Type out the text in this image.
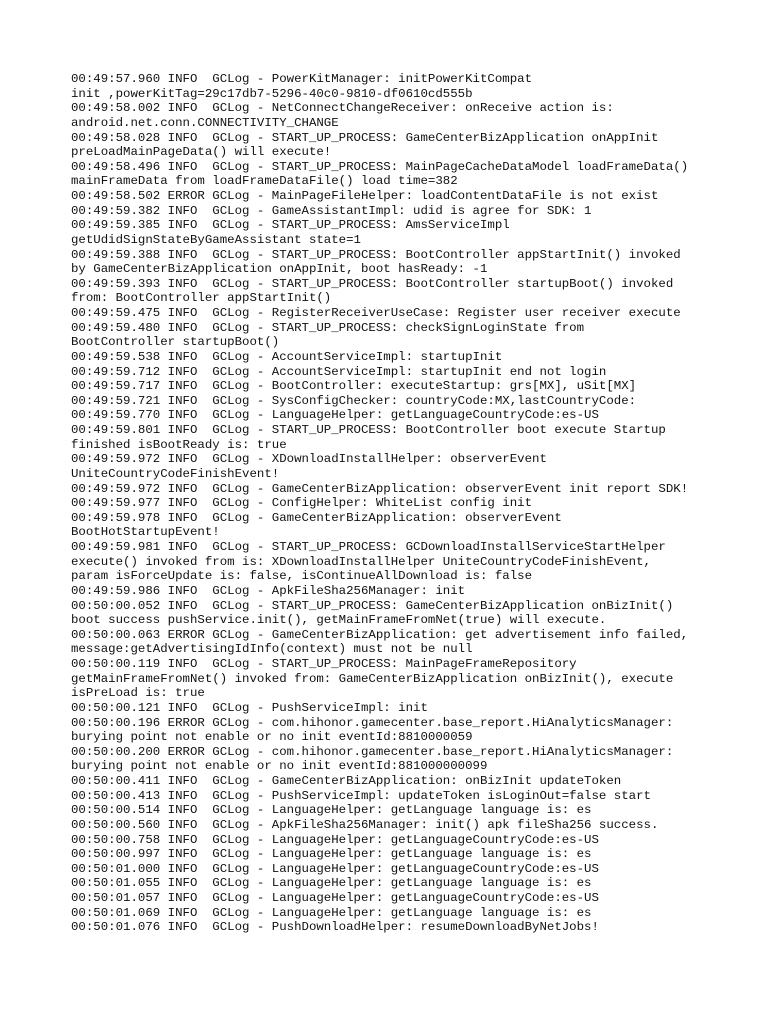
00:49:57.960 INFO  GCLog - PowerKitManager: initPowerKitCompat
init ,powerKitTag=29c17db7-5296-40c0-9810-df0610cd555b
00:49:58.002 INFO  GCLog - NetConnectChangeReceiver: onReceive action is:
android.net.conn.CONNECTIVITY_CHANGE
00:49:58.028 INFO  GCLog - START_UP_PROCESS: GameCenterBizApplication onAppInit
preLoadMainPageData() will execute!
00:49:58.496 INFO  GCLog - START_UP_PROCESS: MainPageCacheDataModel loadFrameData()
mainFrameData from loadFrameDataFile() load time=382
00:49:58.502 ERROR GCLog - MainPageFileHelper: loadContentDataFile is not exist
00:49:59.382 INFO  GCLog - GameAssistantImpl: udid is agree for SDK: 1
00:49:59.385 INFO  GCLog - START_UP_PROCESS: AmsServiceImpl
getUdidSignStateByGameAssistant state=1
00:49:59.388 INFO  GCLog - START_UP_PROCESS: BootController appStartInit() invoked
by GameCenterBizApplication onAppInit, boot hasReady: -1
00:49:59.393 INFO  GCLog - START_UP_PROCESS: BootController startupBoot() invoked
from: BootController appStartInit()
00:49:59.475 INFO  GCLog - RegisterReceiverUseCase: Register user receiver execute
00:49:59.480 INFO  GCLog - START_UP_PROCESS: checkSignLoginState from
BootController startupBoot()
00:49:59.538 INFO  GCLog - AccountServiceImpl: startupInit
00:49:59.712 INFO  GCLog - AccountServiceImpl: startupInit end not login
00:49:59.717 INFO  GCLog - BootController: executeStartup: grs[MX], uSit[MX]
00:49:59.721 INFO  GCLog - SysConfigChecker: countryCode:MX,lastCountryCode:
00:49:59.770 INFO  GCLog - LanguageHelper: getLanguageCountryCode:es-US
00:49:59.801 INFO  GCLog - START_UP_PROCESS: BootController boot execute Startup
finished isBootReady is: true
00:49:59.972 INFO  GCLog - XDownloadInstallHelper: observerEvent
UniteCountryCodeFinishEvent!
00:49:59.972 INFO  GCLog - GameCenterBizApplication: observerEvent init report SDK!
00:49:59.977 INFO  GCLog - ConfigHelper: WhiteList config init
00:49:59.978 INFO  GCLog - GameCenterBizApplication: observerEvent
BootHotStartupEvent!
00:49:59.981 INFO  GCLog - START_UP_PROCESS: GCDownloadInstallServiceStartHelper
execute() invoked from is: XDownloadInstallHelper UniteCountryCodeFinishEvent,
param isForceUpdate is: false, isContinueAllDownload is: false
00:49:59.986 INFO  GCLog - ApkFileSha256Manager: init
00:50:00.052 INFO  GCLog - START_UP_PROCESS: GameCenterBizApplication onBizInit()
boot success pushService.init(), getMainFrameFromNet(true) will execute.
00:50:00.063 ERROR GCLog - GameCenterBizApplication: get advertisement info failed,
message:getAdvertisingIdInfo(context) must not be null
00:50:00.119 INFO  GCLog - START_UP_PROCESS: MainPageFrameRepository
getMainFrameFromNet() invoked from: GameCenterBizApplication onBizInit(), execute
isPreLoad is: true
00:50:00.121 INFO  GCLog - PushServiceImpl: init
00:50:00.196 ERROR GCLog - com.hihonor.gamecenter.base_report.HiAnalyticsManager:
burying point not enable or no init eventId:8810000059
00:50:00.200 ERROR GCLog - com.hihonor.gamecenter.base_report.HiAnalyticsManager:
burying point not enable or no init eventId:881000000099
00:50:00.411 INFO  GCLog - GameCenterBizApplication: onBizInit updateToken
00:50:00.413 INFO  GCLog - PushServiceImpl: updateToken isLoginOut=false start
00:50:00.514 INFO  GCLog - LanguageHelper: getLanguage language is: es
00:50:00.560 INFO  GCLog - ApkFileSha256Manager: init() apk fileSha256 success.
00:50:00.758 INFO  GCLog - LanguageHelper: getLanguageCountryCode:es-US
00:50:00.997 INFO  GCLog - LanguageHelper: getLanguage language is: es
00:50:01.000 INFO  GCLog - LanguageHelper: getLanguageCountryCode:es-US
00:50:01.055 INFO  GCLog - LanguageHelper: getLanguage language is: es
00:50:01.057 INFO  GCLog - LanguageHelper: getLanguageCountryCode:es-US
00:50:01.069 INFO  GCLog - LanguageHelper: getLanguage language is: es
00:50:01.076 INFO  GCLog - PushDownloadHelper: resumeDownloadByNetJobs!
